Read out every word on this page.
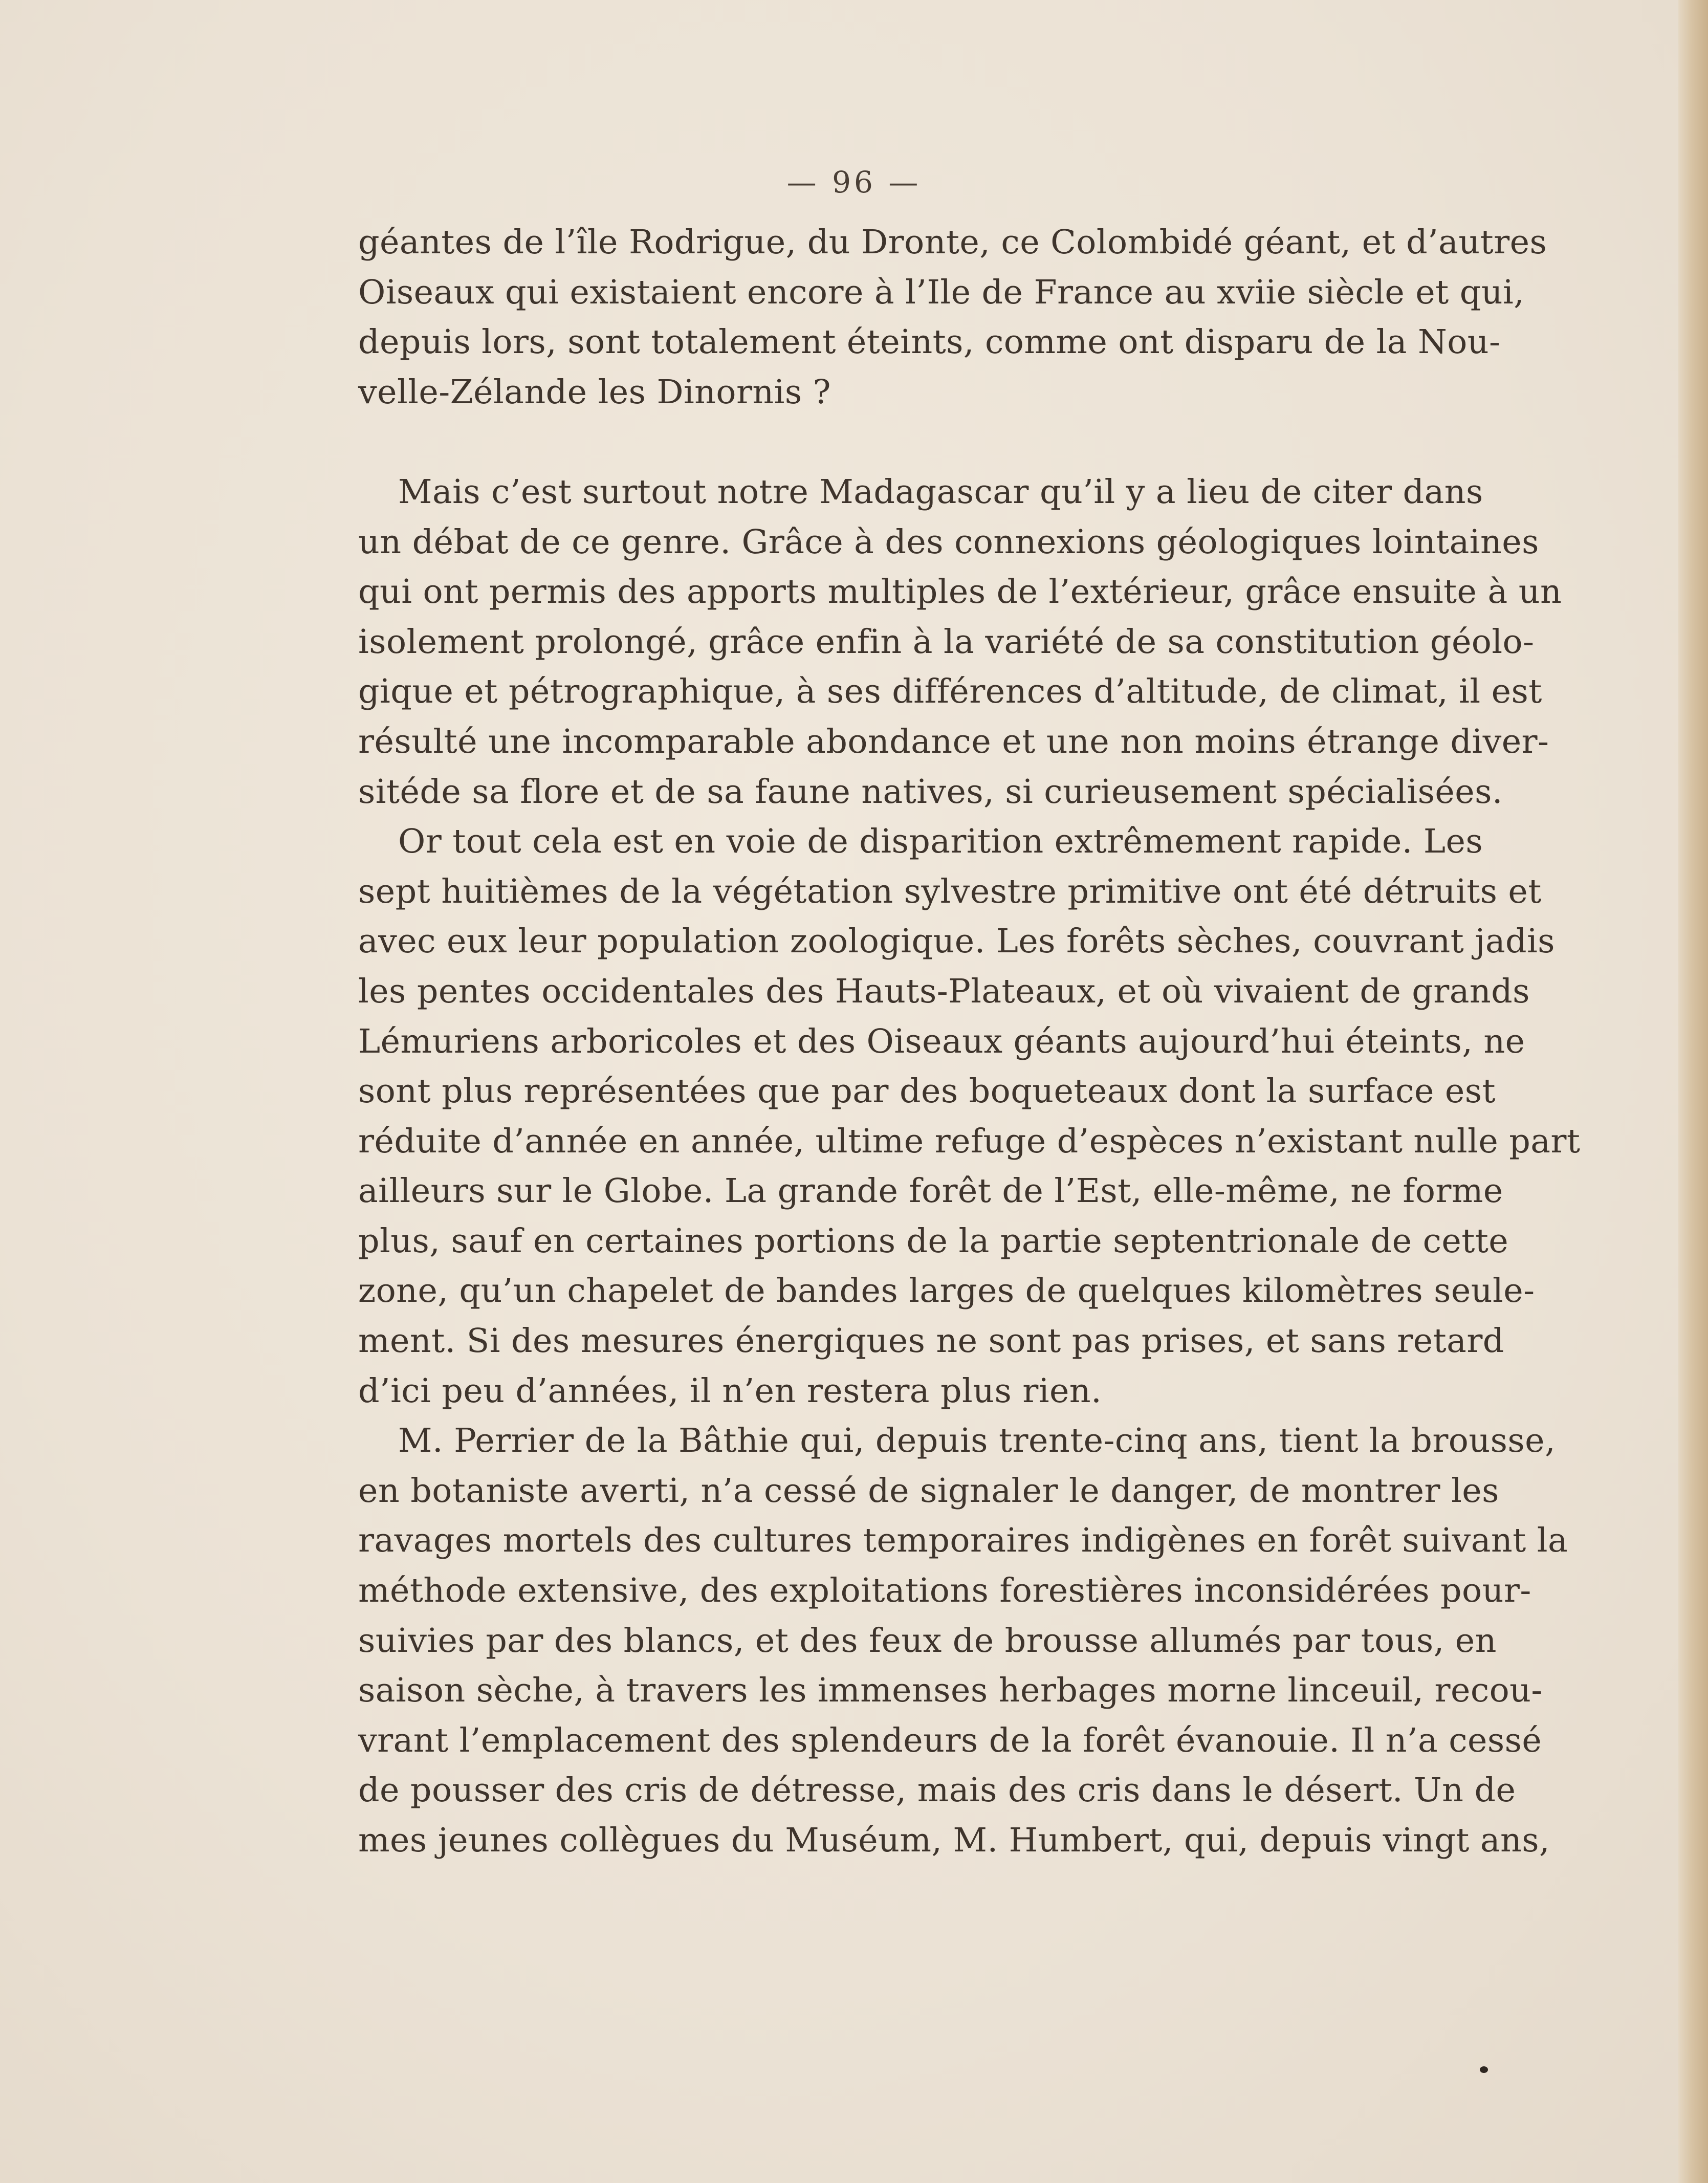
— 96 —
géantes de l’île Rodrigue, du Dronte, ce Colombidé géant, et d’autres
Oiseaux qui existaient encore à l’Ile de France au xviie siècle et qui,
depuis lors, sont totalement éteints, comme ont disparu de la Nou-
velle-Zélande les Dinornis ?
Mais c’est surtout notre Madagascar qu’il y a lieu de citer dans
un débat de ce genre. Grâce à des connexions géologiques lointaines
qui ont permis des apports multiples de l’extérieur, grâce ensuite à un
isolement prolongé, grâce enfin à la variété de sa constitution géolo-
gique et pétrographique, à ses différences d’altitude, de climat, il est
résulté une incomparable abondance et une non moins étrange diver-
sitéde sa flore et de sa faune natives, si curieusement spécialisées.
Or tout cela est en voie de disparition extrêmement rapide. Les
sept huitièmes de la végétation sylvestre primitive ont été détruits et
avec eux leur population zoologique. Les forêts sèches, couvrant jadis
les pentes occidentales des Hauts-Plateaux, et où vivaient de grands
Lémuriens arboricoles et des Oiseaux géants aujourd’hui éteints, ne
sont plus représentées que par des boqueteaux dont la surface est
réduite d’année en année, ultime refuge d’espèces n’existant nulle part
ailleurs sur le Globe. La grande forêt de l’Est, elle-même, ne forme
plus, sauf en certaines portions de la partie septentrionale de cette
zone, qu’un chapelet de bandes larges de quelques kilomètres seule-
ment. Si des mesures énergiques ne sont pas prises, et sans retard
d’ici peu d’années, il n’en restera plus rien.
M. Perrier de la Bâthie qui, depuis trente-cinq ans, tient la brousse,
en botaniste averti, n’a cessé de signaler le danger, de montrer les
ravages mortels des cultures temporaires indigènes en forêt suivant la
méthode extensive, des exploitations forestières inconsidérées pour-
suivies par des blancs, et des feux de brousse allumés par tous, en
saison sèche, à travers les immenses herbages morne linceuil, recou-
vrant l’emplacement des splendeurs de la forêt évanouie. Il n’a cessé
de pousser des cris de détresse, mais des cris dans le désert. Un de
mes jeunes collègues du Muséum, M. Humbert, qui, depuis vingt ans,
